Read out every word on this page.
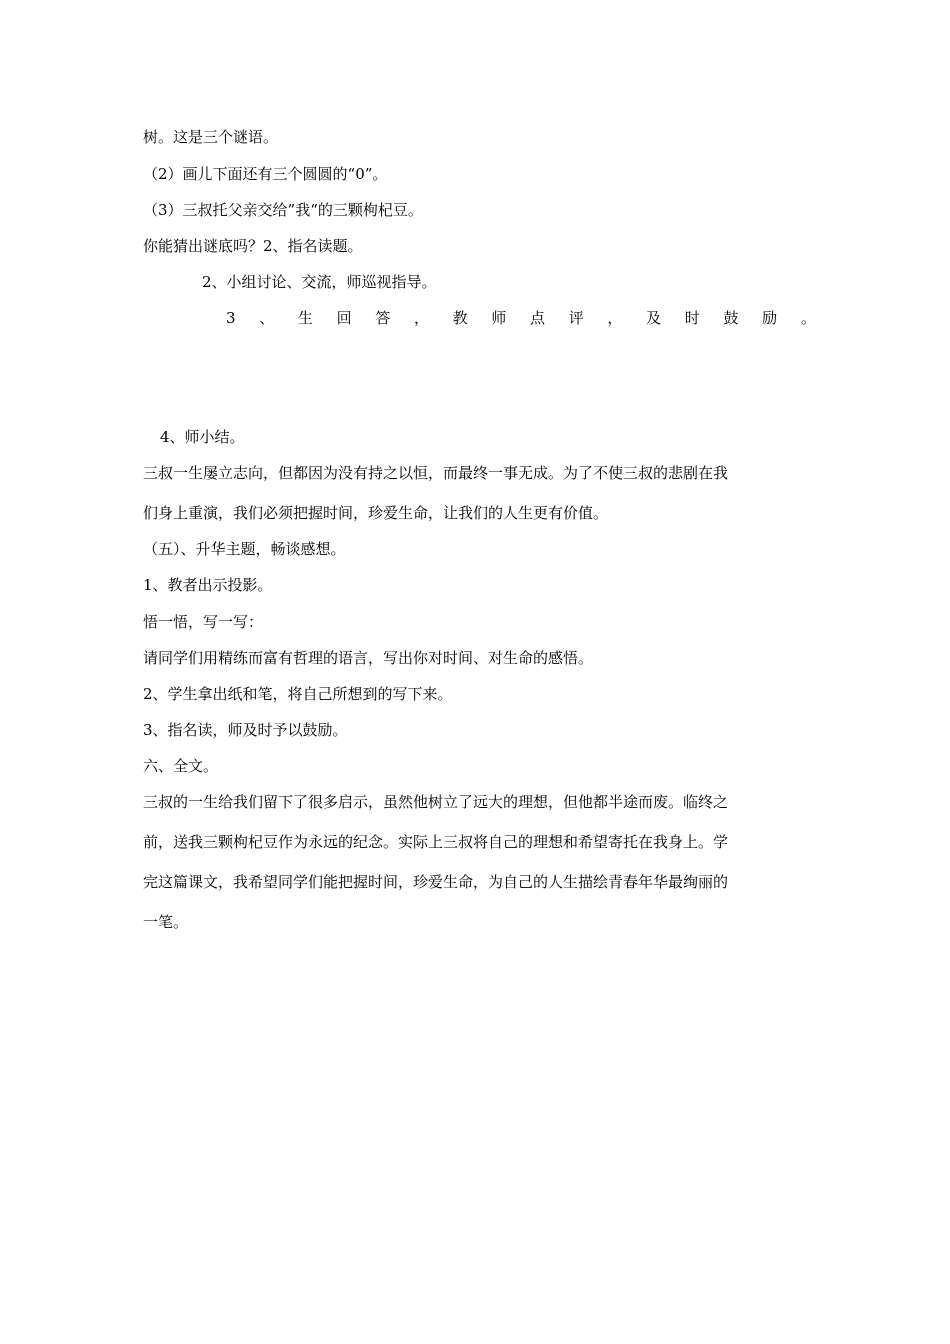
树。这是三个谜语。
（2）画儿下面还有三个圆圆的“0”。
（3）三叔托父亲交给”我“的三颗枸杞豆。
你能猜出谜底吗？2、指名读题。
2、小组讨论、交流，师巡视指导。
3 、 生 回 答 ， 教 师 点 评 ， 及 时 鼓 励 。
4、师小结。
三叔一生屡立志向，但都因为没有持之以恒，而最终一事无成。为了不使三叔的悲剧在我
们身上重演，我们必须把握时间，珍爱生命，让我们的人生更有价值。
（五）、升华主题，畅谈感想。
1、教者出示投影。
悟一悟，写一写：
请同学们用精练而富有哲理的语言，写出你对时间、对生命的感悟。
2、学生拿出纸和笔，将自己所想到的写下来。
3、指名读，师及时予以鼓励。
六、全文。
三叔的一生给我们留下了很多启示，虽然他树立了远大的理想，但他都半途而废。临终之
前，送我三颗枸杞豆作为永远的纪念。实际上三叔将自己的理想和希望寄托在我身上。学
完这篇课文，我希望同学们能把握时间，珍爱生命，为自己的人生描绘青春年华最绚丽的
一笔。
